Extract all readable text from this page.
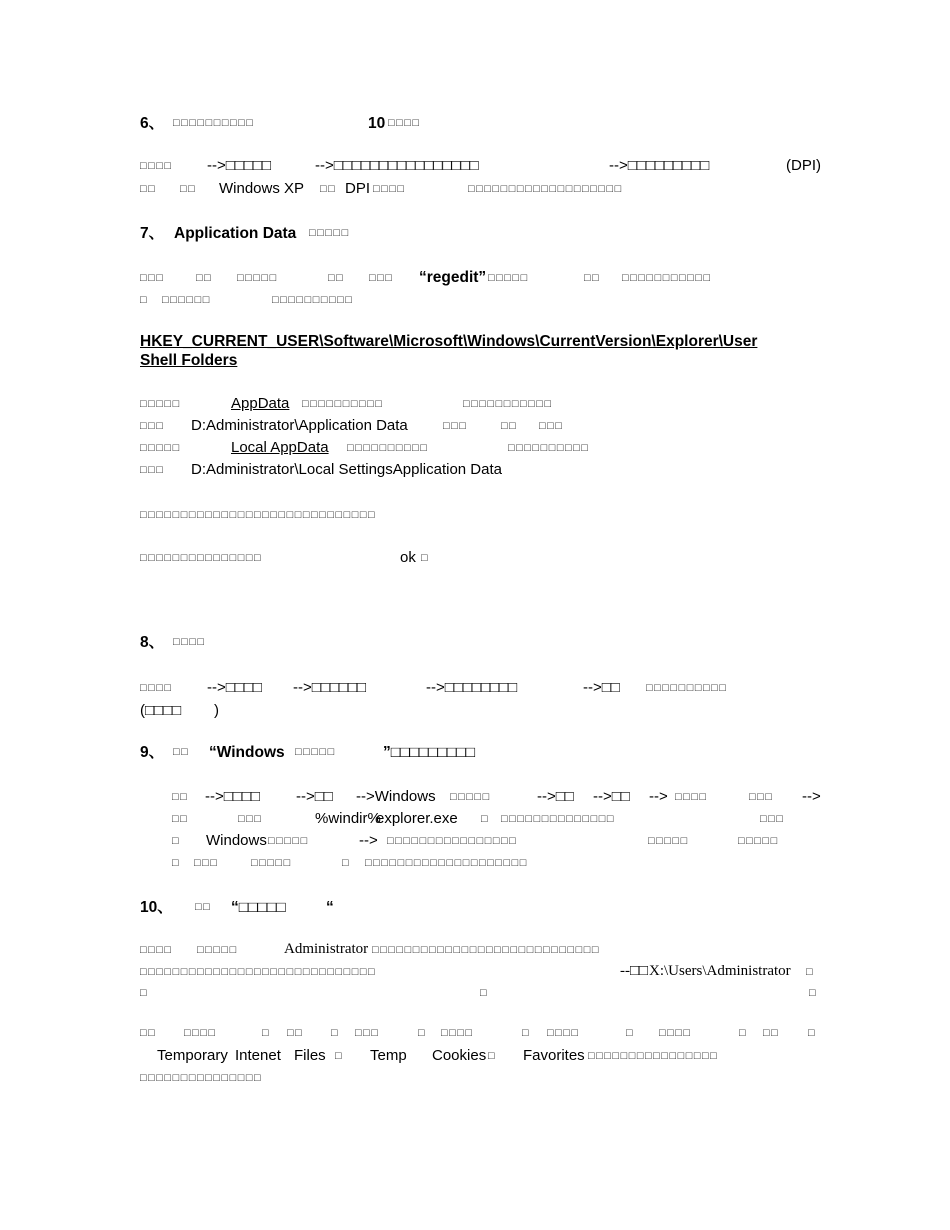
6、 □□□□□□□□□□	10 □□□□
□□□□ -->□□□□□	-->□□□□□□□□□□□□□□□□	-->□□□□□□□□□	(DPI)
□□ □□ Windows XP □□ DPI □□□□	□□□□□□□□□□□□□□□□□□□
7、 Application Data □□□□□
□□□	□□ □□□□□	□□ □□□ “regedit” □□□□□	□□ □□□□□□□□□□□
□ □□□□□□	□□□□□□□□□□
HKEY_CURRENT_USER\Software\Microsoft\Windows\CurrentVersion\Explorer\User
Shell Folders
□□□□□	AppData □□□□□□□□□□	□□□□□□□□□□□
□□□ D:Administrator\Application Data	□□□	□□ □□□
□□□□□	Local AppData □□□□□□□□□□	□□□□□□□□□□
□□□ D:Administrator\Local SettingsApplication Data
□□□□□□□□□□□□□□□□□□□□□□□□□□□□□
□□□□□□□□□□□□□□□	ok □
8、 □□□□
□□□□ -->□□□□ -->□□□□□□	-->□□□□□□□□	-->□□ □□□□□□□□□□
(□□□□ )
9、 □□ “Windows □□□□□	”□□□□□□□□□
□□ -->□□□□ -->□□ -->Windows □□□□□	-->□□ -->□□ --> □□□□	□□□ -->
□□	□□□	%windir%
explorer.exe □ □□□□□□□□□□□□□□	□□□
□ Windows □□□□□	--> □□□□□□□□□□□□□□□□	□□□□□	□□□□□
□ □□□	□□□□□	□ □□□□□□□□□□□□□□□□□□□□
10、 □□ “□□□□□	“
□□□□ □□□□□	Administrator □□□□□□□□□□□□□□□□□□□□□□□□□□□□
□□□□□□□□□□□□□□□□□□□□□□□□□□□□□	--□□ X:\Users\Administrator □
□	□	□
□□	□□□□	□ □□	□ □□□	□ □□□□	□ □□□□	□ □□□□	□ □□	□
Temporary Intenet Files □ Temp Cookies □ Favorites □□□□□□□□□□□□□□□□
□□□□□□□□□□□□□□□
